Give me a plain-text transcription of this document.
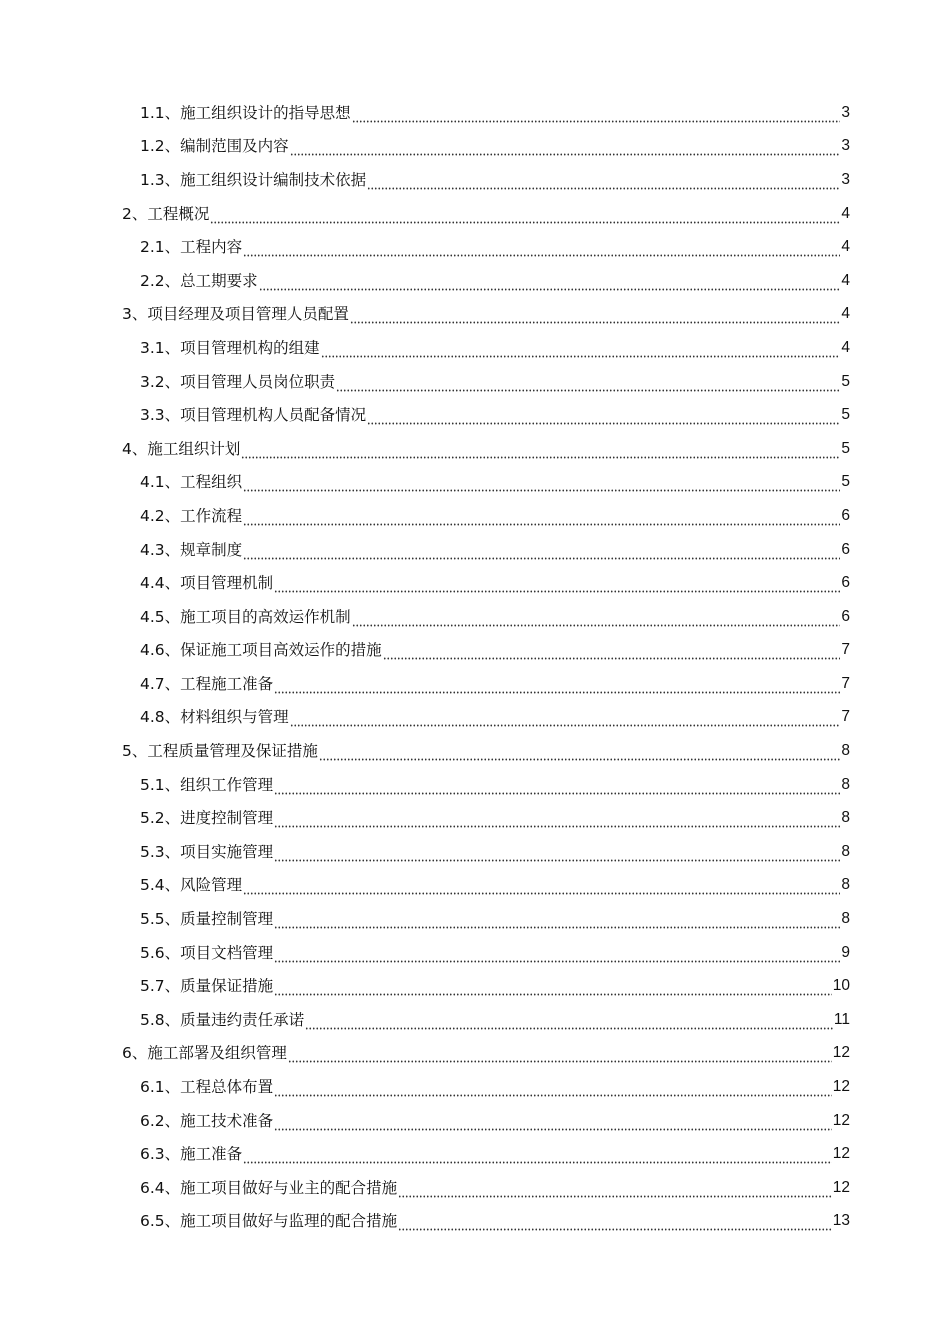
1.1、施工组织设计的指导思想	3
1.2、编制范围及内容	3
1.3、施工组织设计编制技术依据	3
2、工程概况	4
2.1、工程内容	4
2.2、总工期要求	4
3、项目经理及项目管理人员配置	4
3.1、项目管理机构的组建	4
3.2、项目管理人员岗位职责	5
3.3、项目管理机构人员配备情况	5
4、施工组织计划	5
4.1、工程组织	5
4.2、工作流程	6
4.3、规章制度	6
4.4、项目管理机制	6
4.5、施工项目的高效运作机制	6
4.6、保证施工项目高效运作的措施	7
4.7、工程施工准备	7
4.8、材料组织与管理	7
5、工程质量管理及保证措施	8
5.1、组织工作管理	8
5.2、进度控制管理	8
5.3、项目实施管理	8
5.4、风险管理	8
5.5、质量控制管理	8
5.6、项目文档管理	9
5.7、质量保证措施	10
5.8、质量违约责任承诺	11
6、施工部署及组织管理	12
6.1、工程总体布置	12
6.2、施工技术准备	12
6.3、施工准备	12
6.4、施工项目做好与业主的配合措施	12
6.5、施工项目做好与监理的配合措施	13
